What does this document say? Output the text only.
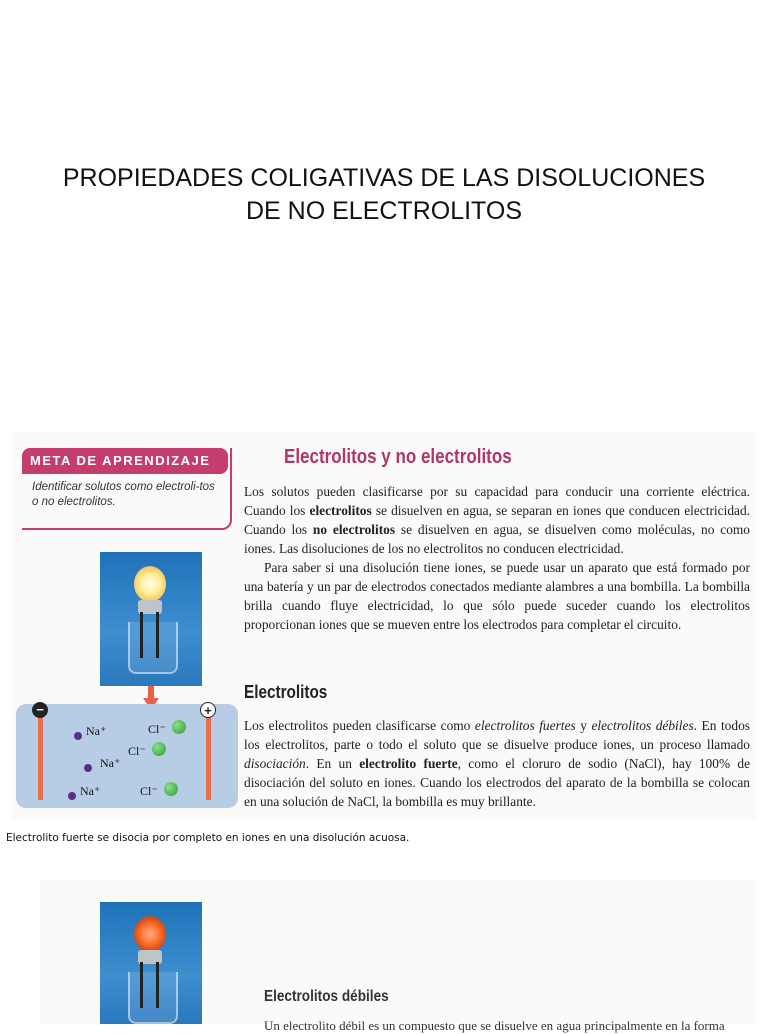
PROPIEDADES COLIGATIVAS DE LAS DISOLUCIONES
DE NO ELECTROLITOS
META DE APRENDIZAJE
Identificar solutos como electroli-tos o no electrolitos.
−	+
Na⁺
Na⁺
Na⁺
Cl⁻
Cl⁻
Cl⁻
Electrolitos y no electrolitos

Los solutos pueden clasificarse por su capacidad para conducir una corriente eléctrica. Cuando los electrolitos se disuelven en agua, se separan en iones que conducen electricidad. Cuando los no electrolitos se disuelven en agua, se disuelven como moléculas, no como iones. Las disoluciones de los no electrolitos no conducen electricidad.

Para saber si una disolución tiene iones, se puede usar un aparato que está formado por una batería y un par de electrodos conectados mediante alambres a una bombilla. La bombilla brilla cuando fluye electricidad, lo que sólo puede suceder cuando los electrolitos proporcionan iones que se mueven entre los electrodos para completar el circuito.

Electrolitos

Los electrolitos pueden clasificarse como electrolitos fuertes y electrolitos débiles. En todos los electrolitos, parte o todo el soluto que se disuelve produce iones, un proceso llamado disociación. En un electrolito fuerte, como el cloruro de sodio (NaCl), hay 100% de disociación del soluto en iones. Cuando los electrodos del aparato de la bombilla se colocan en una solución de NaCl, la bombilla es muy brillante.

Electrolito fuerte se disocia por completo en iones en una disolución acuosa.
Electrolitos débiles
Un electrolito débil es un compuesto que se disuelve en agua principalmente en la forma
